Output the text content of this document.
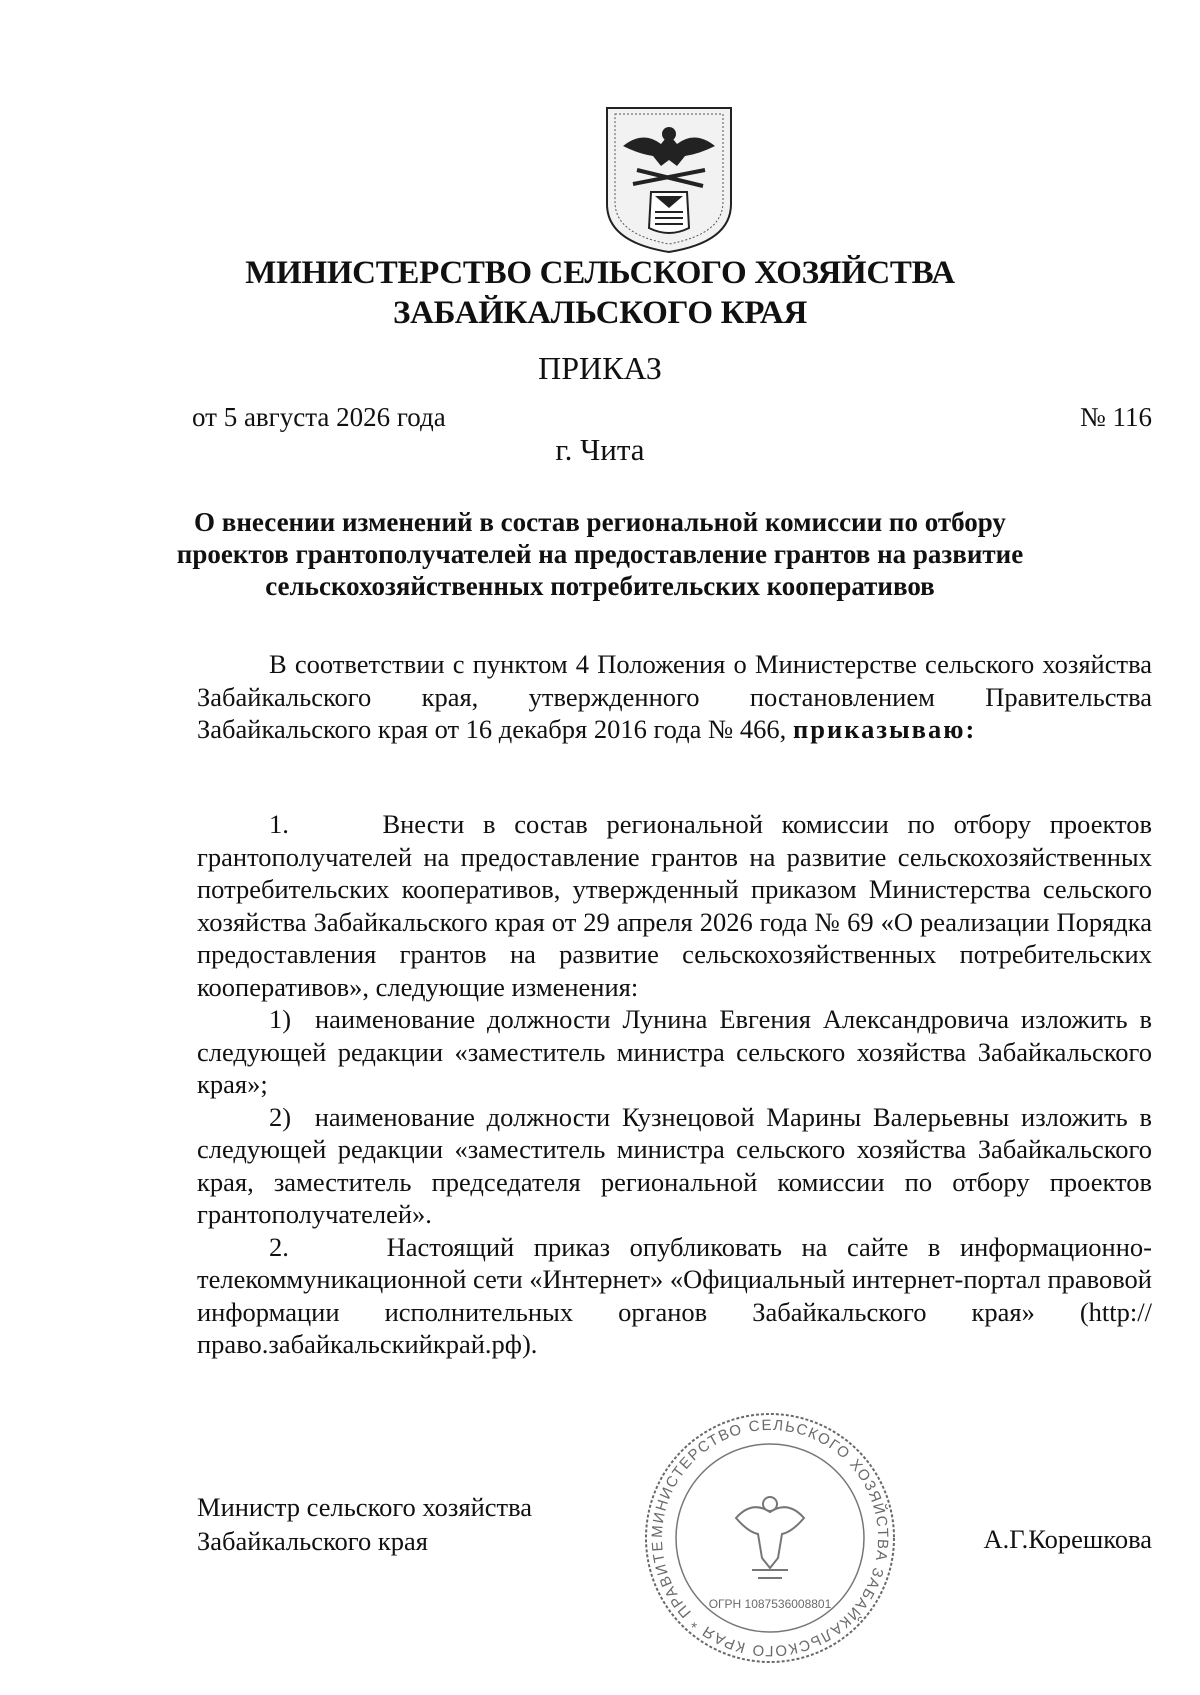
МИНИСТЕРСТВО СЕЛЬСКОГО ХОЗЯЙСТВА
ЗАБАЙКАЛЬСКОГО КРАЯ
ПРИКАЗ
от 5 августа 2026 года	№ 116
г. Чита
О внесении изменений в состав региональной комиссии по отбору
проектов грантополучателей на предоставление грантов на развитие
сельскохозяйственных потребительских кооперативов

В соответствии с пунктом 4 Положения о Министерстве сельского хозяйства Забайкальского края, утвержденного постановлением Правительства Забайкальского края от 16 декабря 2016 года № 466, приказываю:

1.     Внести в состав региональной комиссии по отбору проектов грантополучателей на предоставление грантов на развитие сельскохозяйственных потребительских кооперативов, утвержденный приказом Министерства сельского хозяйства Забайкальского края от 29 апреля 2026 года № 69 «О реализации Порядка предоставления грантов на развитие сельскохозяйственных потребительских кооперативов», следующие изменения:

1)  наименование должности Лунина Евгения Александровича изложить в следующей редакции «заместитель министра сельского хозяйства Забайкальского края»;

2)  наименование должности Кузнецовой Марины Валерьевны изложить в следующей редакции «заместитель министра сельского хозяйства Забайкальского края, заместитель председателя региональной комиссии по отбору проектов грантополучателей».

2.     Настоящий приказ опубликовать на сайте в информационно-телекоммуникационной сети «Интернет» «Официальный интернет-портал правовой информации исполнительных органов Забайкальского края» (http://право.забайкальскийкрай.рф).

МИНИСТЕРСТВО СЕЛЬСКОГО ХОЗЯЙСТВА ЗАБАЙКАЛЬСКОГО КРАЯ * ПРАВИТЕ
ОГРН 1087536008801
Министр сельского хозяйства
Забайкальского края	А.Г.Корешкова
